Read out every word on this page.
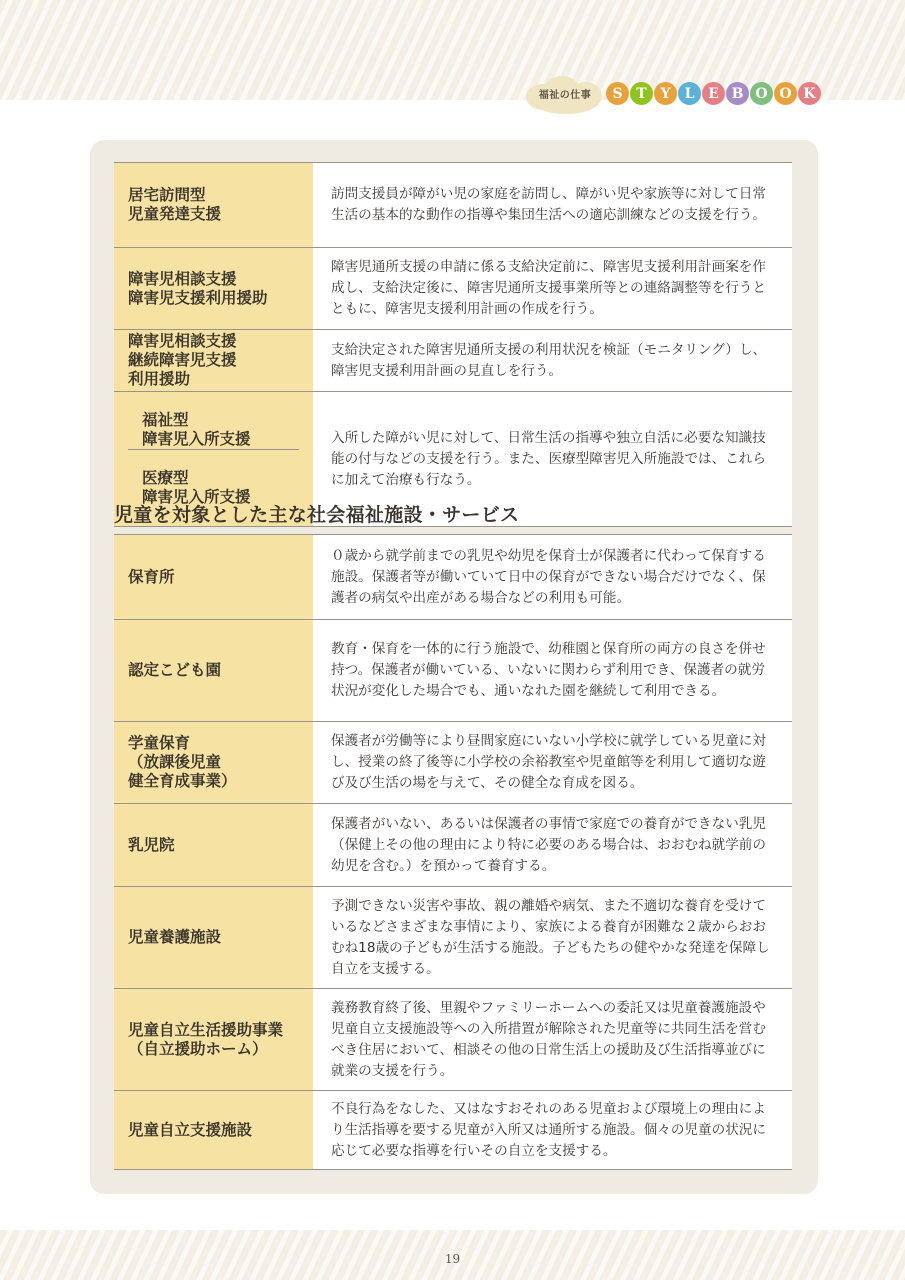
福祉の仕事	S T Y	L E B O O K
居宅訪問型
児童発達支援	訪問支援員が障がい児の家庭を訪問し、障がい児や家族等に対して日常生活の基本的な動作の指導や集団生活への適応訓練などの支援を行う。
障害児相談支援
障害児支援利用援助	障害児通所支援の申請に係る支給決定前に、障害児支援利用計画案を作成し、支給決定後に、障害児通所支援事業所等との連絡調整等を行うとともに、障害児支援利用計画の作成を行う。
障害児相談支援
継続障害児支援
利用援助	支給決定された障害児通所支援の利用状況を検証（モニタリング）し、障害児支援利用計画の見直しを行う。

福祉型
障害児入所支援

医療型
障害児入所支援	入所した障がい児に対して、日常生活の指導や独立自活に必要な知識技能の付与などの支援を行う。また、医療型障害児入所施設では、これらに加えて治療も行なう。
児童を対象とした主な社会福祉施設・サービス
保育所	０歳から就学前までの乳児や幼児を保育士が保護者に代わって保育する施設。保護者等が働いていて日中の保育ができない場合だけでなく、保護者の病気や出産がある場合などの利用も可能。
認定こども園	教育・保育を一体的に行う施設で、幼稚園と保育所の両方の良さを併せ持つ。保護者が働いている、いないに関わらず利用でき、保護者の就労状況が変化した場合でも、通いなれた園を継続して利用できる。
学童保育
（放課後児童
健全育成事業）	保護者が労働等により昼間家庭にいない小学校に就学している児童に対し、授業の終了後等に小学校の余裕教室や児童館等を利用して適切な遊び及び生活の場を与えて、その健全な育成を図る。
乳児院	保護者がいない、あるいは保護者の事情で家庭での養育ができない乳児（保健上その他の理由により特に必要のある場合は、おおむね就学前の幼児を含む。）を預かって養育する。
児童養護施設	予測できない災害や事故、親の離婚や病気、また不適切な養育を受けているなどさまざまな事情により、家族による養育が困難な２歳からおおむね18歳の子どもが生活する施設。子どもたちの健やかな発達を保障し自立を支援する。
児童自立生活援助事業
（自立援助ホーム）	義務教育終了後、里親やファミリーホームへの委託又は児童養護施設や児童自立支援施設等への入所措置が解除された児童等に共同生活を営むべき住居において、相談その他の日常生活上の援助及び生活指導並びに就業の支援を行う。
児童自立支援施設	不良行為をなした、又はなすおそれのある児童および環境上の理由により生活指導を要する児童が入所又は通所する施設。個々の児童の状況に応じて必要な指導を行いその自立を支援する。
19
